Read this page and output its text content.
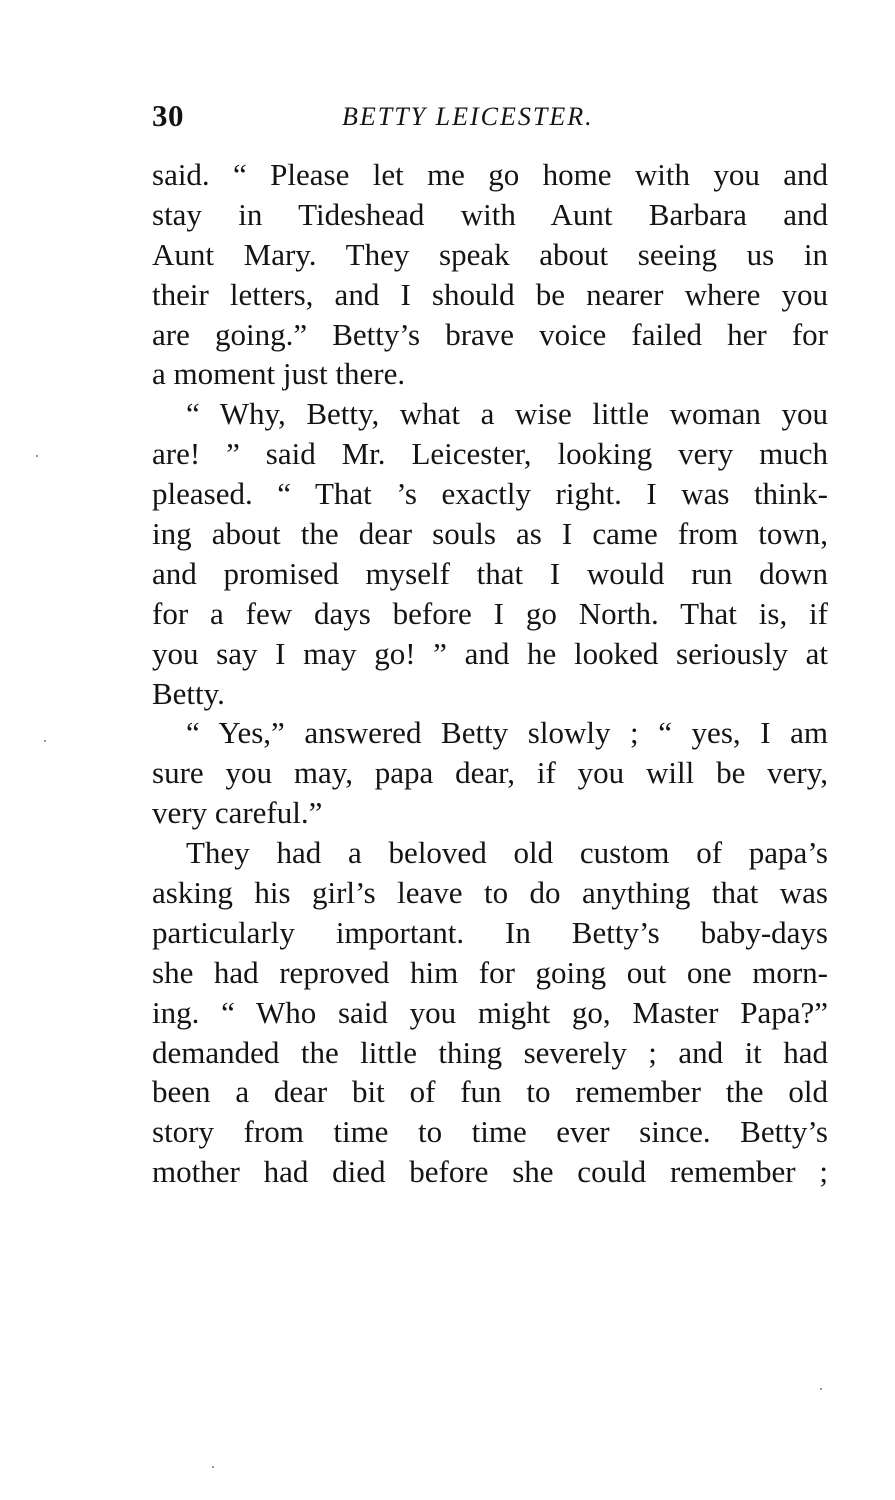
30	BETTY LEICESTER.
said. “ Please let me go home with you and
stay in Tideshead with Aunt Barbara and
Aunt Mary. They speak about seeing us in
their letters, and I should be nearer where you
are going.” Betty’s brave voice failed her for
a moment just there.
“ Why, Betty, what a wise little woman you
are! ” said Mr. Leicester, looking very much
pleased. “ That ’s exactly right. I was think-
ing about the dear souls as I came from town,
and promised myself that I would run down
for a few days before I go North. That is, if
you say I may go! ” and he looked seriously at
Betty.
“ Yes,” answered Betty slowly ; “ yes, I am
sure you may, papa dear, if you will be very,
very careful.”
They had a beloved old custom of papa’s
asking his girl’s leave to do anything that was
particularly important. In Betty’s baby-days
she had reproved him for going out one morn-
ing. “ Who said you might go, Master Papa?”
demanded the little thing severely ; and it had
been a dear bit of fun to remember the old
story from time to time ever since. Betty’s
mother had died before she could remember ;
